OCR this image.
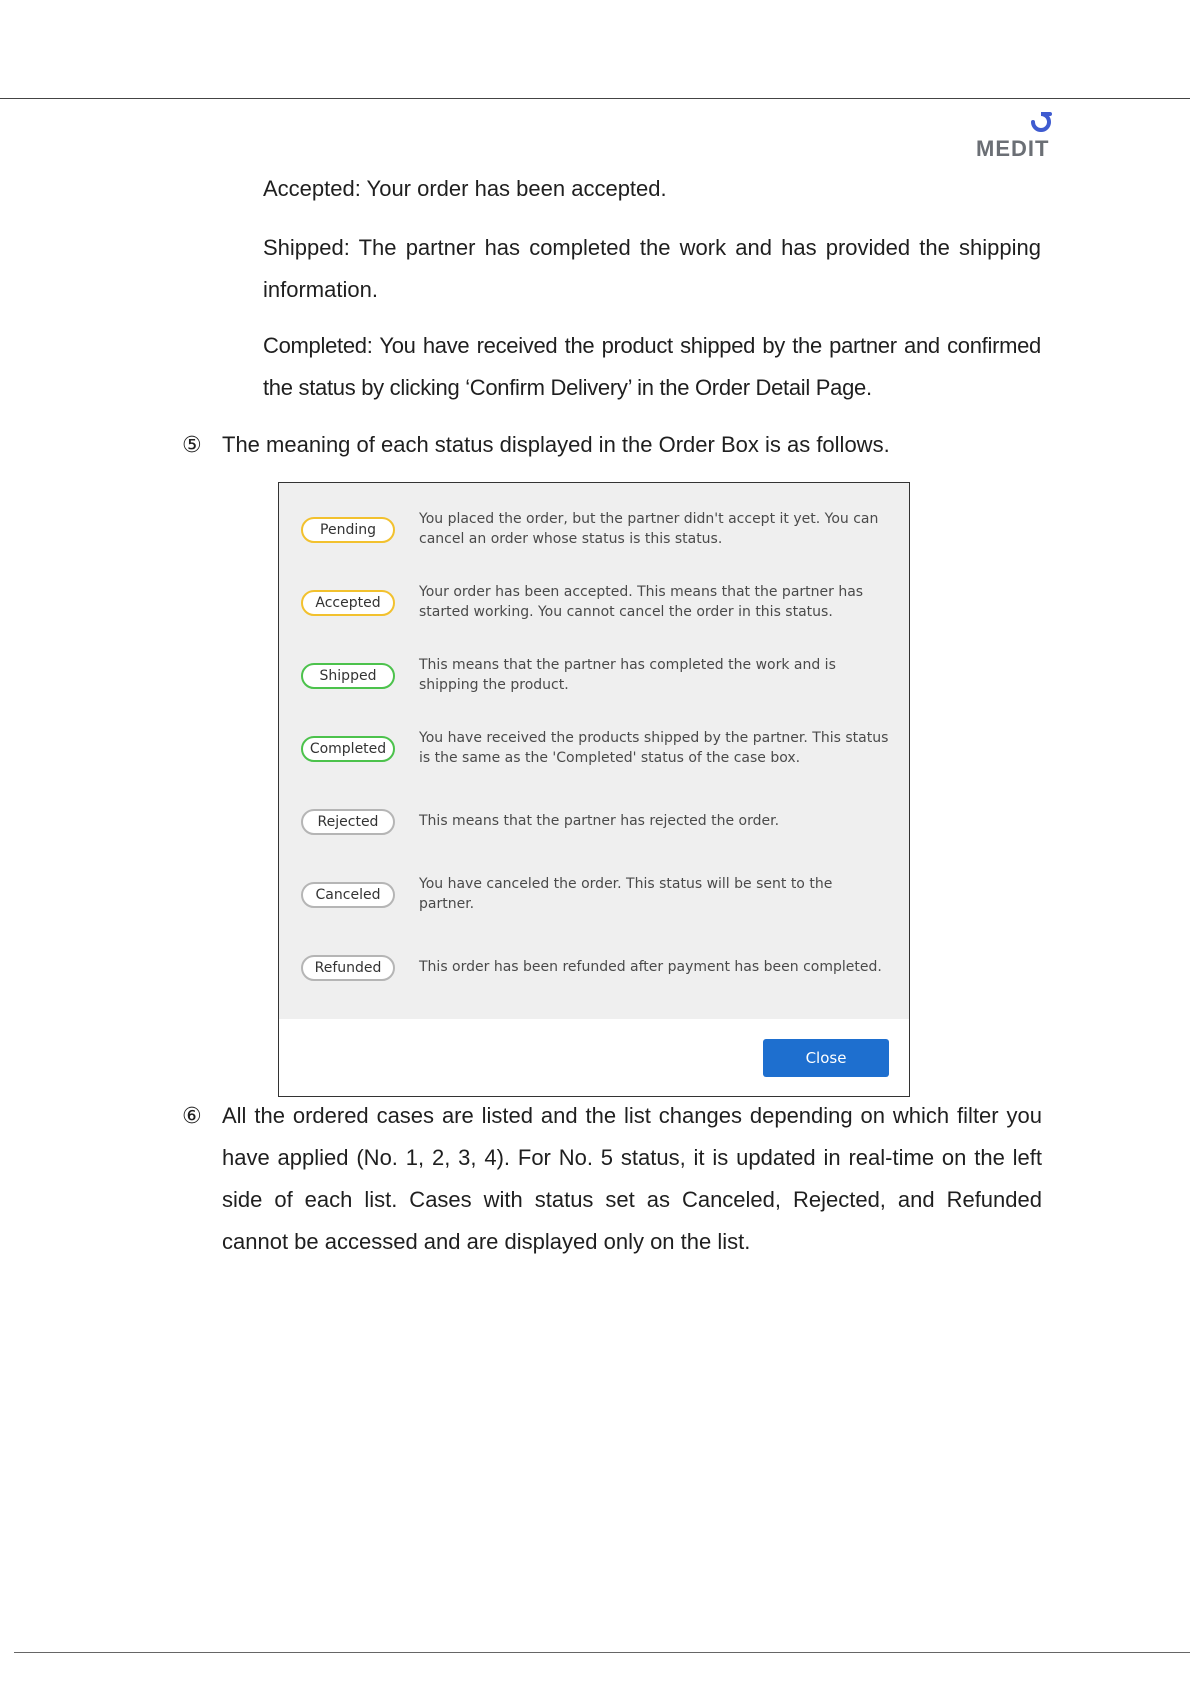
MEDIT
Accepted: Your order has been accepted.
Shipped: The partner has completed the work and has provided the shipping information.
Completed: You have received the product shipped by the partner and confirmed the status by clicking ‘Confirm Delivery’ in the Order Detail Page.
⑤ The meaning of each status displayed in the Order Box is as follows.
Pending
You placed the order, but the partner didn't accept it yet. You can cancel an order whose status is this status.
Accepted
Your order has been accepted. This means that the partner has started working. You cannot cancel the order in this status.
Shipped
This means that the partner has completed the work and is shipping the product.
Completed
You have received the products shipped by the partner. This status is the same as the 'Completed' status of the case box.
Rejected	This means that the partner has rejected the order.
Canceled
You have canceled the order. This status will be sent to the partner.
Refunded	This order has been refunded after payment has been completed.
Close
⑥ All the ordered cases are listed and the list changes depending on which filter you have applied (No. 1, 2, 3, 4). For No. 5 status, it is updated in real-time on the left side of each list. Cases with status set as Canceled, Rejected, and Refunded cannot be accessed and are displayed only on the list.
